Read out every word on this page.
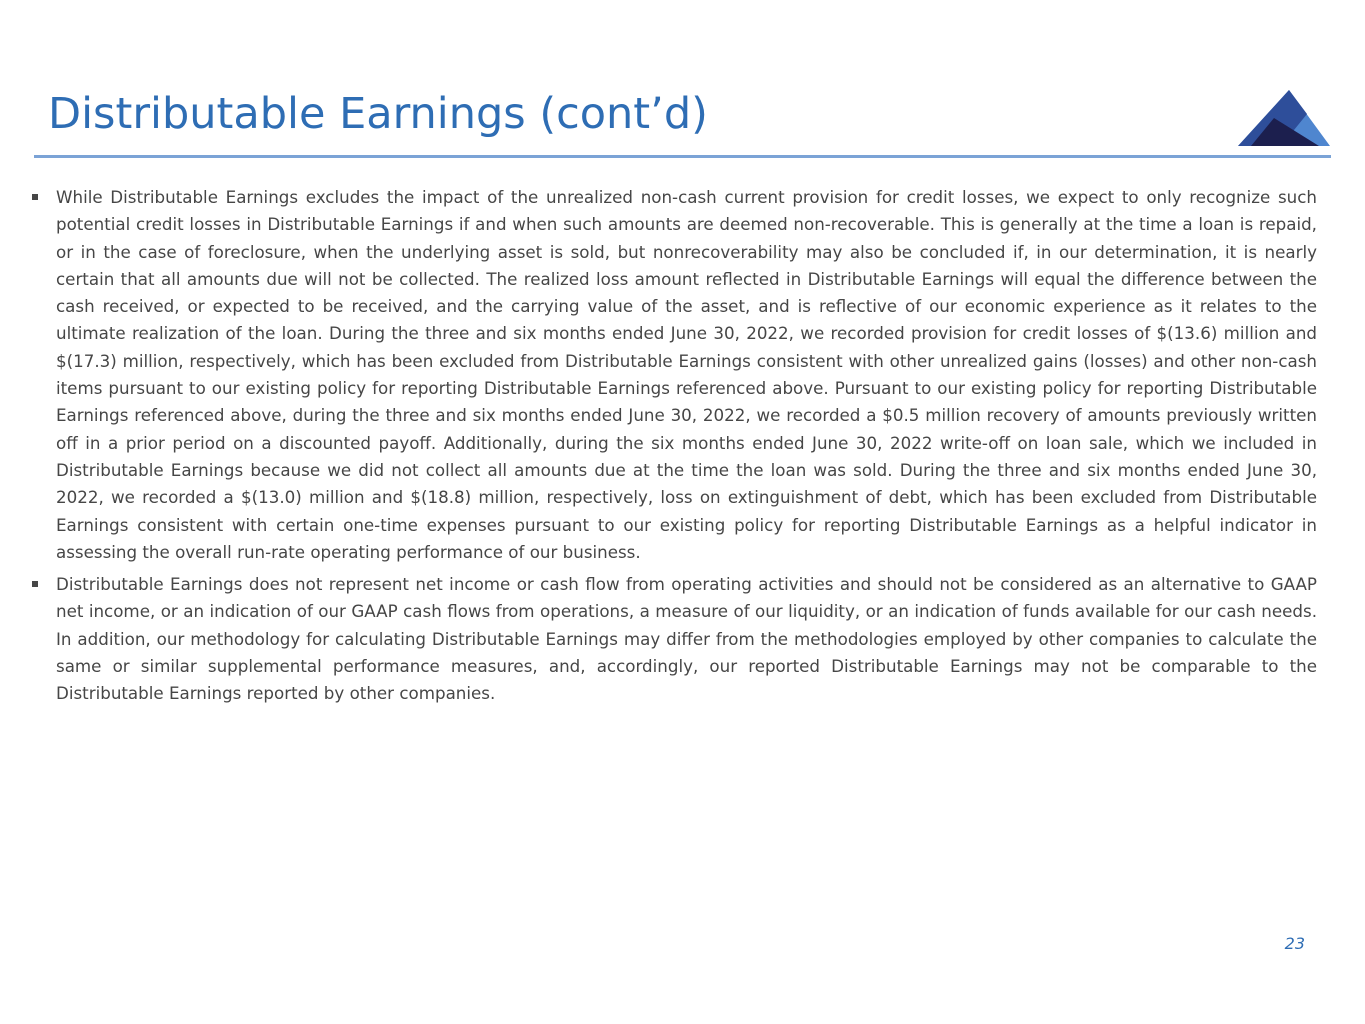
Distributable Earnings (cont’d)
While Distributable Earnings excludes the impact of the unrealized non-cash current provision for credit losses, we expect to only recognize such potential credit losses in Distributable Earnings if and when such amounts are deemed non-recoverable. This is generally at the time a loan is repaid, or in the case of foreclosure, when the underlying asset is sold, but nonrecoverability may also be concluded if, in our determination, it is nearly certain that all amounts due will not be collected. The realized loss amount reflected in Distributable Earnings will equal the difference between the cash received, or expected to be received, and the carrying value of the asset, and is reflective of our economic experience as it relates to the ultimate realization of the loan. During the three and six months ended June 30, 2022, we recorded provision for credit losses of $(13.6) million and $(17.3) million, respectively, which has been excluded from Distributable Earnings consistent with other unrealized gains (losses) and other non-cash items pursuant to our existing policy for reporting Distributable Earnings referenced above. Pursuant to our existing policy for reporting Distributable Earnings referenced above, during the three and six months ended June 30, 2022, we recorded a $0.5 million recovery of amounts previously written off in a prior period on a discounted payoff. Additionally, during the six months ended June 30, 2022 write-off on loan sale, which we included in Distributable Earnings because we did not collect all amounts due at the time the loan was sold. During the three and six months ended June 30, 2022, we recorded a $(13.0) million and $(18.8) million, respectively, loss on extinguishment of debt, which has been excluded from Distributable Earnings consistent with certain one-time expenses pursuant to our existing policy for reporting Distributable Earnings as a helpful indicator in assessing the overall run-rate operating performance of our business.
Distributable Earnings does not represent net income or cash flow from operating activities and should not be considered as an alternative to GAAP net income, or an indication of our GAAP cash flows from operations, a measure of our liquidity, or an indication of funds available for our cash needs. In addition, our methodology for calculating Distributable Earnings may differ from the methodologies employed by other companies to calculate the same or similar supplemental performance measures, and, accordingly, our reported Distributable Earnings may not be comparable to the Distributable Earnings reported by other companies.
23
